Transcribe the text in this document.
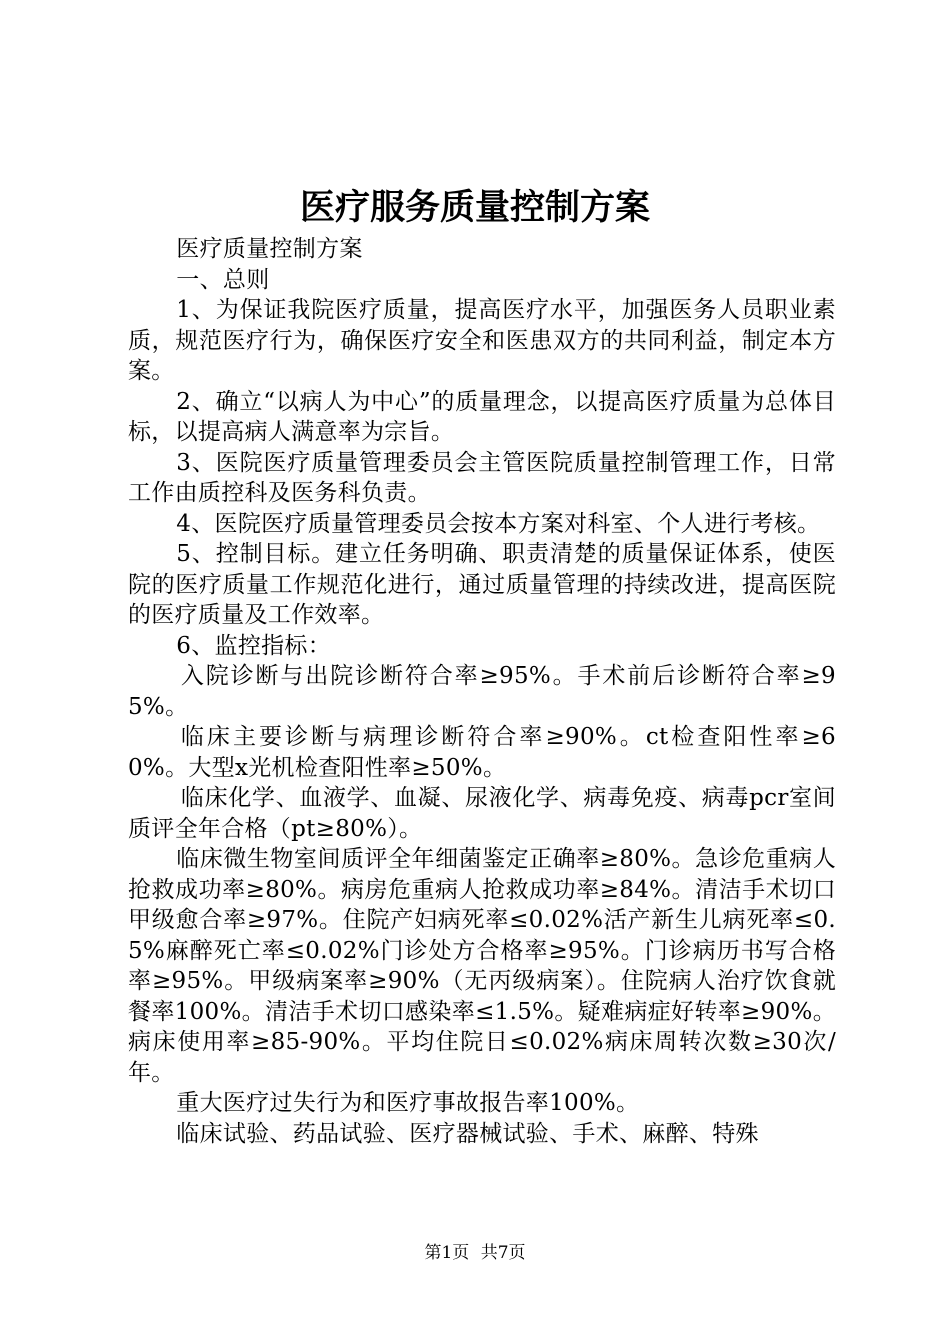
医疗服务质量控制方案

医疗质量控制方案

一、总则

1、为保证我院医疗质量，提高医疗水平，加强医务人员职业素质，规范医疗行为，确保医疗安全和医患双方的共同利益，制定本方案。

2、确立“以病人为中心”的质量理念，以提高医疗质量为总体目标，以提高病人满意率为宗旨。

3、医院医疗质量管理委员会主管医院质量控制管理工作，日常工作由质控科及医务科负责。

4、医院医疗质量管理委员会按本方案对科室、个人进行考核。

5、控制目标。建立任务明确、职责清楚的质量保证体系，使医院的医疗质量工作规范化进行，通过质量管理的持续改进，提高医院的医疗质量及工作效率。

6、监控指标：

入院诊断与出院诊断符合率≥95%。手术前后诊断符合率≥95%。

临床主要诊断与病理诊断符合率≥90%。ct检查阳性率≥60%。大型x光机检查阳性率≥50%。

临床化学、血液学、血凝、尿液化学、病毒免疫、病毒pcr室间质评全年合格（pt≥80%）。

临床微生物室间质评全年细菌鉴定正确率≥80%。急诊危重病人抢救成功率≥80%。病房危重病人抢救成功率≥84%。清洁手术切口甲级愈合率≥97%。住院产妇病死率≤0.02%活产新生儿病死率≤0.5%麻醉死亡率≤0.02%门诊处方合格率≥95%。门诊病历书写合格率≥95%。甲级病案率≥90%（无丙级病案）。住院病人治疗饮食就餐率100%。清洁手术切口感染率≤1.5%。疑难病症好转率≥90%。病床使用率≥85-90%。平均住院日≤0.02%病床周转次数≥30次/年。

重大医疗过失行为和医疗事故报告率100%。

临床试验、药品试验、医疗器械试验、手术、麻醉、特殊

第1页 共7页
